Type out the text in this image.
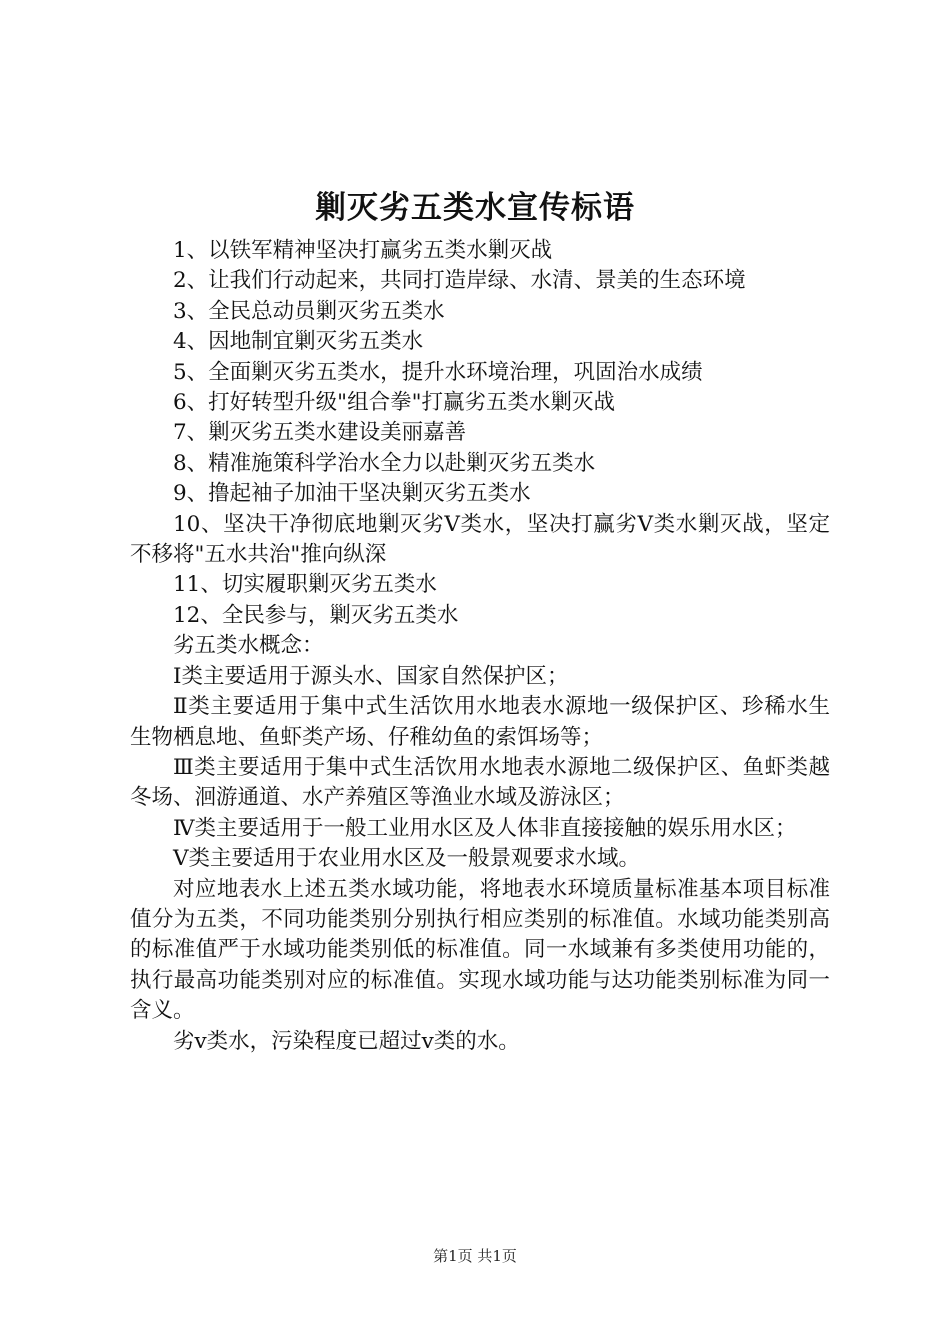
剿灭劣五类水宣传标语

1、以铁军精神坚决打赢劣五类水剿灭战

2、让我们行动起来，共同打造岸绿、水清、景美的生态环境

3、全民总动员剿灭劣五类水

4、因地制宜剿灭劣五类水

5、全面剿灭劣五类水，提升水环境治理，巩固治水成绩

6、打好转型升级"组合拳"打赢劣五类水剿灭战

7、剿灭劣五类水建设美丽嘉善

8、精准施策科学治水全力以赴剿灭劣五类水

9、撸起袖子加油干坚决剿灭劣五类水

10、坚决干净彻底地剿灭劣Ⅴ类水，坚决打赢劣Ⅴ类水剿灭战，坚定不移将"五水共治"推向纵深

11、切实履职剿灭劣五类水

12、全民参与，剿灭劣五类水

劣五类水概念：

Ⅰ类主要适用于源头水、国家自然保护区；

Ⅱ类主要适用于集中式生活饮用水地表水源地一级保护区、珍稀水生生物栖息地、鱼虾类产场、仔稚幼鱼的索饵场等；

Ⅲ类主要适用于集中式生活饮用水地表水源地二级保护区、鱼虾类越冬场、洄游通道、水产养殖区等渔业水域及游泳区；

Ⅳ类主要适用于一般工业用水区及人体非直接接触的娱乐用水区；

Ⅴ类主要适用于农业用水区及一般景观要求水域。

对应地表水上述五类水域功能，将地表水环境质量标准基本项目标准值分为五类，不同功能类别分别执行相应类别的标准值。水域功能类别高的标准值严于水域功能类别低的标准值。同一水域兼有多类使用功能的，执行最高功能类别对应的标准值。实现水域功能与达功能类别标准为同一含义。

劣ⅴ类水，污染程度已超过ⅴ类的水。

第1页 共1页
